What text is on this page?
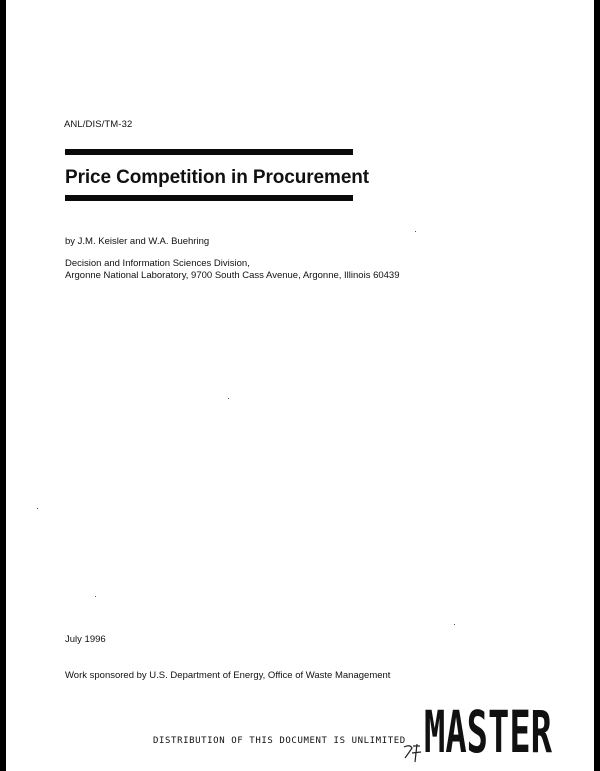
ANL/DIS/TM-32
Price Competition in Procurement
by J.M. Keisler and W.A. Buehring
Decision and Information Sciences Division,
Argonne National Laboratory, 9700 South Cass Avenue, Argonne, Illinois 60439
July 1996
Work sponsored by U.S. Department of Energy, Office of Waste Management
DISTRIBUTION OF THIS DOCUMENT IS UNLIMITED MASTER
